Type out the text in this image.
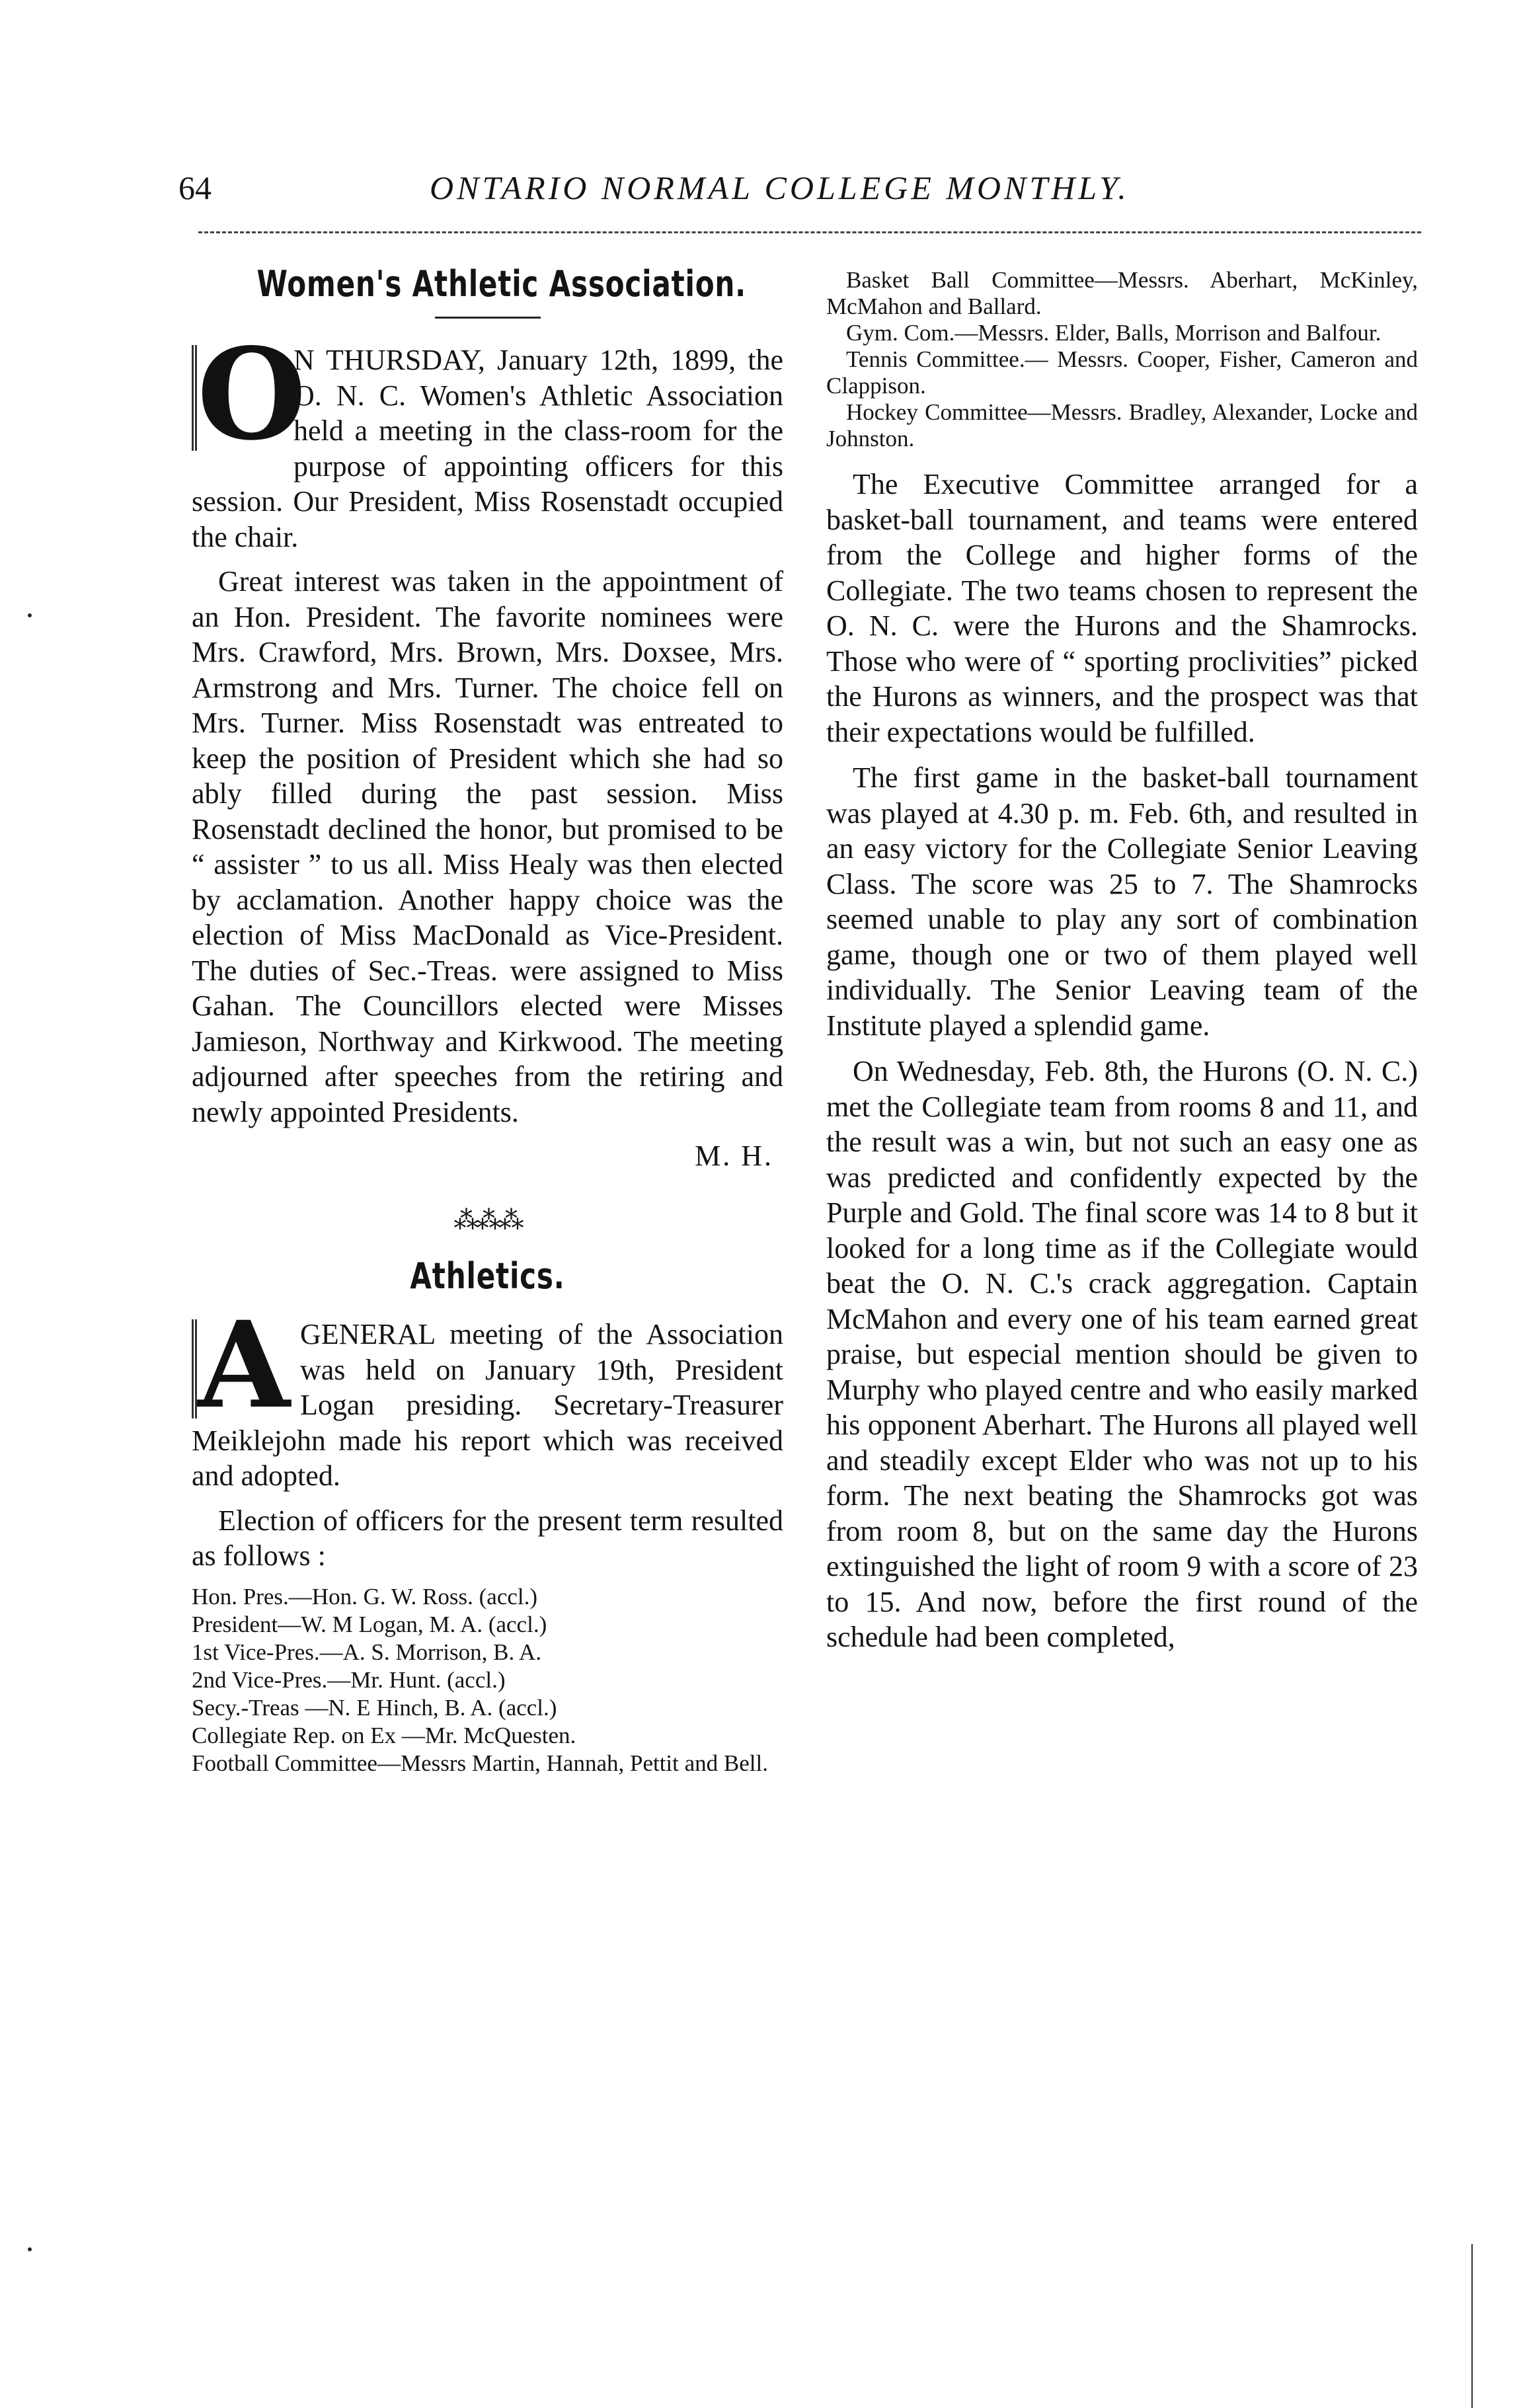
64	ONTARIO NORMAL COLLEGE MONTHLY.
Women's Athletic Association.

O
N THURSDAY, January 12th, 1899, the O. N. C. Women's Athletic Association held a meeting in the class-room for the purpose of appointing officers for this session. Our President, Miss Rosenstadt occupied the chair.

Great interest was taken in the appointment of an Hon. President. The favorite nominees were Mrs. Crawford, Mrs. Brown, Mrs. Doxsee, Mrs. Armstrong and Mrs. Turner. The choice fell on Mrs. Turner. Miss Rosenstadt was entreated to keep the position of President which she had so ably filled during the past session. Miss Rosenstadt declined the honor, but promised to be “ assister ” to us all. Miss Healy was then elected by acclamation. Another happy choice was the election of Miss MacDonald as Vice-President. The duties of Sec.-Treas. were assigned to Miss Gahan. The Councillors elected were Misses Jamieson, Northway and Kirkwood. The meeting adjourned after speeches from the retiring and newly appointed Presidents.

M. H.
⁂⁂⁂
Athletics.

A GENERAL meeting of the Association was held on January 19th, President Logan presiding. Secretary-Treasurer Meiklejohn made his report which was received and adopted.

Election of officers for the present term resulted as follows :

Hon. Pres.—Hon. G. W. Ross. (accl.)
President—W. M Logan, M. A. (accl.)
1st Vice-Pres.—A. S. Morrison, B. A.
2nd Vice-Pres.—Mr. Hunt. (accl.)
Secy.-Treas —N. E Hinch, B. A. (accl.)
Collegiate Rep. on Ex —Mr. McQuesten.
Football Committee—Messrs Martin, Hannah, Pettit and Bell.
Basket Ball Committee—Messrs. Aberhart, McKinley, McMahon and Ballard.
Gym. Com.—Messrs. Elder, Balls, Morrison and Balfour.
Tennis Committee.— Messrs. Cooper, Fisher, Cameron and Clappison.
Hockey Committee—Messrs. Bradley, Alexander, Locke and Johnston.

The Executive Committee arranged for a basket-ball tournament, and teams were entered from the College and higher forms of the Collegiate. The two teams chosen to represent the O. N. C. were the Hurons and the Shamrocks. Those who were of “ sporting proclivities” picked the Hurons as winners, and the prospect was that their expectations would be fulfilled.

The first game in the basket-ball tournament was played at 4.30 p. m. Feb. 6th, and resulted in an easy victory for the Collegiate Senior Leaving Class. The score was 25 to 7. The Shamrocks seemed unable to play any sort of combination game, though one or two of them played well individually. The Senior Leaving team of the Institute played a splendid game.

On Wednesday, Feb. 8th, the Hurons (O. N. C.) met the Collegiate team from rooms 8 and 11, and the result was a win, but not such an easy one as was predicted and confidently expected by the Purple and Gold. The final score was 14 to 8 but it looked for a long time as if the Collegiate would beat the O. N. C.'s crack aggregation. Captain McMahon and every one of his team earned great praise, but especial mention should be given to Murphy who played centre and who easily marked his opponent Aberhart. The Hurons all played well and steadily except Elder who was not up to his form. The next beating the Shamrocks got was from room 8, but on the same day the Hurons extinguished the light of room 9 with a score of 23 to 15. And now, before the first round of the schedule had been completed,
